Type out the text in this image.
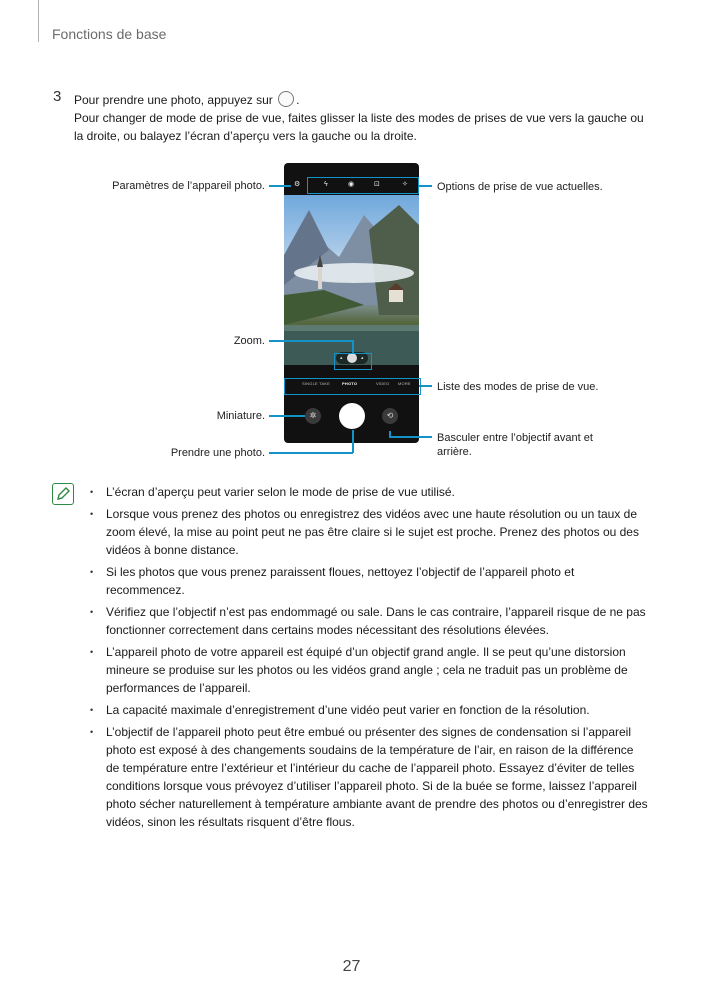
Fonctions de base
3 Pour prendre une photo, appuyez sur .

Pour changer de mode de prise de vue, faites glisser la liste des modes de prises de vue vers la gauche ou la droite, ou balayez l’écran d’aperçu vers la gauche ou la droite.

⚙	ϟ	◉	⊡	✧
▴	▴
SINGLE TAKE	PHOTO	VIDEO MORE
✲	⟲
Paramètres de l’appareil photo.	Options de prise de vue actuelles.
Zoom.
Liste des modes de prise de vue.
Miniature.
Prendre une photo.
Basculer entre l’objectif avant et
arrière.
• L’écran d’aperçu peut varier selon le mode de prise de vue utilisé.
• Lorsque vous prenez des photos ou enregistrez des vidéos avec une haute résolution ou un taux de zoom élevé, la mise au point peut ne pas être claire si le sujet est proche. Prenez des photos ou des vidéos à bonne distance.
• Si les photos que vous prenez paraissent floues, nettoyez l’objectif de l’appareil photo et recommencez.
• Vérifiez que l’objectif n’est pas endommagé ou sale. Dans le cas contraire, l’appareil risque de ne pas fonctionner correctement dans certains modes nécessitant des résolutions élevées.
• L’appareil photo de votre appareil est équipé d’un objectif grand angle. Il se peut qu’une distorsion mineure se produise sur les photos ou les vidéos grand angle ; cela ne traduit pas un problème de performances de l’appareil.
• La capacité maximale d’enregistrement d’une vidéo peut varier en fonction de la résolution.
• L’objectif de l’appareil photo peut être embué ou présenter des signes de condensation si l’appareil photo est exposé à des changements soudains de la température de l’air, en raison de la différence de température entre l’extérieur et l’intérieur du cache de l’appareil photo. Essayez d’éviter de telles conditions lorsque vous prévoyez d’utiliser l’appareil photo. Si de la buée se forme, laissez l’appareil photo sécher naturellement à température ambiante avant de prendre des photos ou d’enregistrer des vidéos, sinon les résultats risquent d’être flous.
27
